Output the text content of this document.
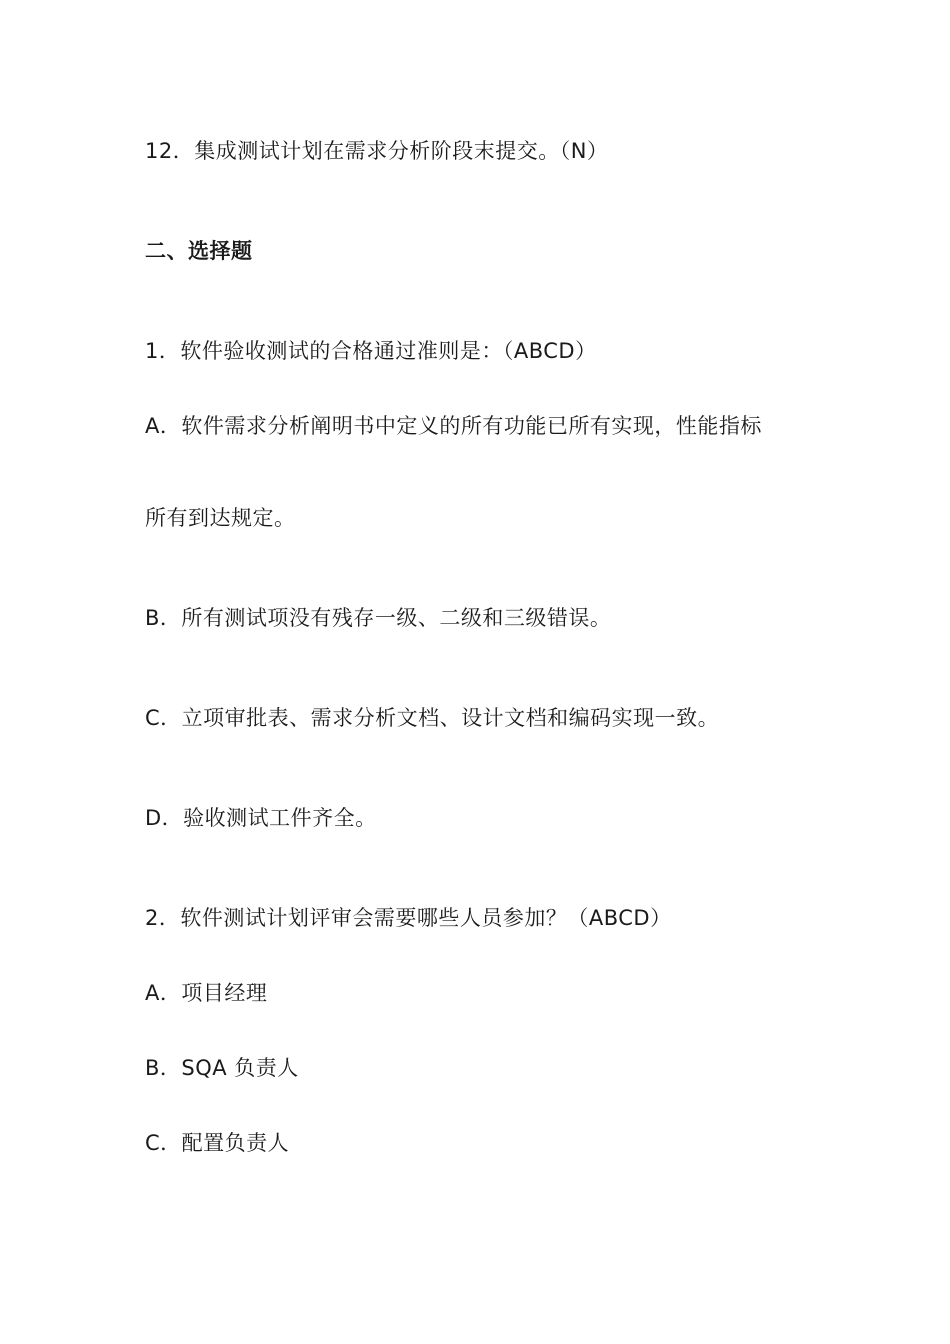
12．集成测试计划在需求分析阶段末提交。（N）
二、选择题
1．软件验收测试的合格通过准则是：（ABCD）
A．软件需求分析阐明书中定义的所有功能已所有实现，性能指标
所有到达规定。
B．所有测试项没有残存一级、二级和三级错误。
C．立项审批表、需求分析文档、设计文档和编码实现一致。
D．验收测试工件齐全。
2．软件测试计划评审会需要哪些人员参加？（ABCD）
A．项目经理
B．SQA 负责人
C．配置负责人
